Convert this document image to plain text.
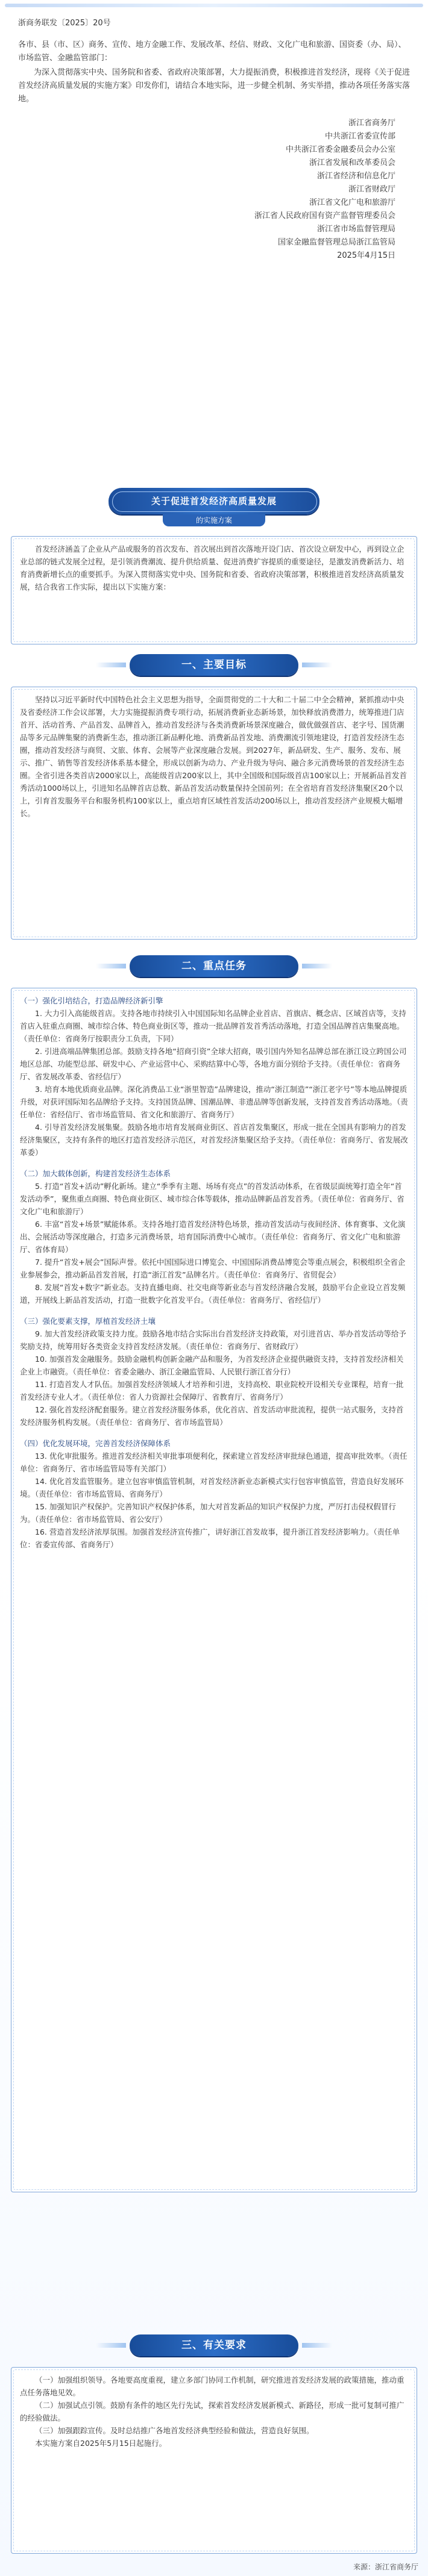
浙商务联发〔2025〕20号
各市、县（市、区）商务、宣传、地方金融工作、发展改革、经信、财政、文化广电和旅游、国资委（办、局）、市场监管、金融监管部门：

为深入贯彻落实中央、国务院和省委、省政府决策部署，大力提振消费，积极推进首发经济，现将《关于促进首发经济高质量发展的实施方案》印发你们，请结合本地实际，进一步健全机制、务实举措，推动各项任务落实落地。

浙江省商务厅
中共浙江省委宣传部
中共浙江省委金融委员会办公室
浙江省发展和改革委员会
浙江省经济和信息化厅
浙江省财政厅
浙江省文化广电和旅游厅
浙江省人民政府国有资产监督管理委员会
浙江省市场监督管理局
国家金融监督管理总局浙江监管局
2025年4月15日
关于促进首发经济高质量发展
的实施方案

首发经济涵盖了企业从产品或服务的首次发布、首次展出到首次落地开设门店、首次设立研发中心，再到设立企业总部的链式发展全过程，是引领消费潮流、提升供给质量、促进消费扩容提质的重要途径，是激发消费新活力、培育消费新增长点的重要抓手。为深入贯彻落实党中央、国务院和省委、省政府决策部署，积极推进首发经济高质量发展，结合我省工作实际，提出以下实施方案：

一、主要目标

坚持以习近平新时代中国特色社会主义思想为指导，全面贯彻党的二十大和二十届二中全会精神，紧抓推动中央及省委经济工作会议部署，大力实施提振消费专项行动，拓展消费新业态新场景，加快释放消费潜力，统筹推进门店首开、活动首秀、产品首发、品牌首入，推动首发经济与各类消费新场景深度融合，做优做强首店、老字号、国货潮品等多元品牌集聚的消费新生态，推动浙江新品孵化地、消费新品首发地、消费潮流引领地建设，打造首发经济生态圈，推动首发经济与商贸、文旅、体育、会展等产业深度融合发展。到2027年，新品研发、生产、服务、发布、展示、推广、销售等首发经济体系基本健全，形成以创新为动力、产业升级为导向、融合多元消费场景的首发经济生态圈。全省引进各类首店2000家以上，高能级首店200家以上，其中全国级和国际级首店100家以上；开展新品首发首秀活动1000场以上，引进知名品牌首店总数、新品首发活动数量保持全国前列；在全省培育首发经济集聚区20个以上，引育首发服务平台和服务机构100家以上，重点培育区域性首发活动200场以上，推动首发经济产业规模大幅增长。

二、重点任务
（一）强化引培结合，打造品牌经济新引擎

1. 大力引入高能级首店。支持各地市持续引入中国国际知名品牌企业首店、首旗店、概念店、区域首店等，支持首店入驻重点商圈、城市综合体、特色商业街区等，推动一批品牌首发首秀活动落地，打造全国品牌首店集聚高地。（责任单位：省商务厅按职责分工负责，下同）

2. 引进高端品牌集团总部。鼓励支持各地“招商引资”全球大招商，吸引国内外知名品牌总部在浙江设立跨国公司地区总部、功能型总部、研发中心、产业运营中心、采购结算中心等，各地方面分别给予支持。（责任单位：省商务厅、省发展改革委、省经信厅）

3. 培育本地优质商业品牌。深化消费品工业“浙里智造”品牌建设，推动“浙江制造”“浙江老字号”等本地品牌提质升级，对获评国际知名品牌给予支持。支持国货品牌、国潮品牌、非遗品牌等创新发展，支持首发首秀活动落地。（责任单位：省经信厅、省市场监管局、省文化和旅游厅、省商务厅）

4. 引导首发经济发展集聚。鼓励各地市培育发展商业街区、首店首发集聚区，形成一批在全国具有影响力的首发经济集聚区，支持有条件的地区打造首发经济示范区，对首发经济集聚区给予支持。（责任单位：省商务厅、省发展改革委）

（二）加大载体创新，构建首发经济生态体系

5. 打造“首发+活动”孵化新场。建立“季季有主题、场场有亮点”的首发活动体系，在省级层面统筹打造全年“首发活动季”，聚焦重点商圈、特色商业街区、城市综合体等载体，推动品牌新品首发首秀。（责任单位：省商务厅、省文化广电和旅游厅）

6. 丰富“首发+场景”赋能体系。支持各地打造首发经济特色场景，推动首发活动与夜间经济、体育赛事、文化演出、会展活动等深度融合，打造多元消费场景，培育国际消费中心城市。（责任单位：省商务厅、省文化广电和旅游厅、省体育局）

7. 提升“首发+展会”国际声誉。依托中国国际进口博览会、中国国际消费品博览会等重点展会，积极组织全省企业参展参会，推动新品首发首展，打造“浙江首发”品牌名片。（责任单位：省商务厅、省贸促会）

8. 发展“首发+数字”新业态。支持直播电商、社交电商等新业态与首发经济融合发展，鼓励平台企业设立首发频道，开展线上新品首发活动，打造一批数字化首发平台。（责任单位：省商务厅、省经信厅）

（三）强化要素支撑，厚植首发经济土壤

9. 加大首发经济政策支持力度。鼓励各地市结合实际出台首发经济支持政策，对引进首店、举办首发活动等给予奖励支持，统筹用好各类资金支持首发经济发展。（责任单位：省商务厅、省财政厅）

10. 加强首发金融服务。鼓励金融机构创新金融产品和服务，为首发经济企业提供融资支持，支持首发经济相关企业上市融资。（责任单位：省委金融办、浙江金融监管局、人民银行浙江省分行）

11. 打造首发人才队伍。加强首发经济领域人才培养和引进，支持高校、职业院校开设相关专业课程，培育一批首发经济专业人才。（责任单位：省人力资源社会保障厅、省教育厅、省商务厅）

12. 强化首发经济配套服务。建立首发经济服务体系，优化首店、首发活动审批流程，提供一站式服务，支持首发经济服务机构发展。（责任单位：省商务厅、省市场监管局）

（四）优化发展环境，完善首发经济保障体系

13. 优化审批服务。推进首发经济相关审批事项便利化，探索建立首发经济审批绿色通道，提高审批效率。（责任单位：省商务厅、省市场监管局等有关部门）

14. 优化首发监管服务。建立包容审慎监管机制，对首发经济新业态新模式实行包容审慎监管，营造良好发展环境。（责任单位：省市场监管局、省商务厅）

15. 加强知识产权保护。完善知识产权保护体系，加大对首发新品的知识产权保护力度，严厉打击侵权假冒行为。（责任单位：省市场监管局、省公安厅）

16. 营造首发经济浓厚氛围。加强首发经济宣传推广，讲好浙江首发故事，提升浙江首发经济影响力。（责任单位：省委宣传部、省商务厅）

三、有关要求

（一）加强组织领导。各地要高度重视，建立多部门协同工作机制，研究推进首发经济发展的政策措施，推动重点任务落地见效。

（二）加强试点引领。鼓励有条件的地区先行先试，探索首发经济发展新模式、新路径，形成一批可复制可推广的经验做法。

（三）加强跟踪宣传。及时总结推广各地首发经济典型经验和做法，营造良好氛围。

本实施方案自2025年5月15日起施行。

来源：浙江省商务厅
